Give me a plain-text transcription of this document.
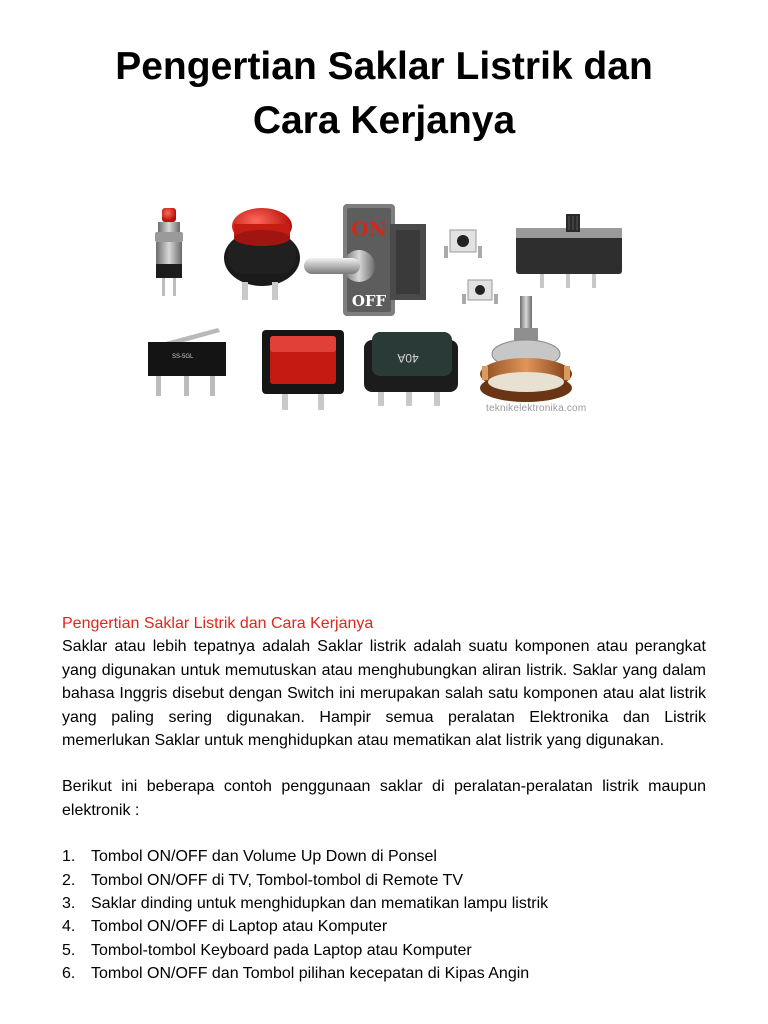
Pengertian Saklar Listrik dan
Cara Kerjanya
ON
OFF
SS-5GL	40A
teknikelektronika.com

Pengertian Saklar Listrik dan Cara Kerjanya

Saklar atau lebih tepatnya adalah Saklar listrik adalah suatu komponen atau perangkat yang digunakan untuk memutuskan atau menghubungkan aliran listrik. Saklar yang dalam bahasa Inggris disebut dengan Switch ini merupakan salah satu komponen atau alat listrik yang paling sering digunakan. Hampir semua peralatan Elektronika dan Listrik memerlukan Saklar untuk menghidupkan atau mematikan alat listrik yang digunakan.

Berikut ini beberapa contoh penggunaan saklar di peralatan-peralatan listrik maupun elektronik :

1. Tombol ON/OFF dan Volume Up Down di Ponsel
2. Tombol ON/OFF di TV, Tombol-tombol di Remote TV
3. Saklar dinding untuk menghidupkan dan mematikan lampu listrik
4. Tombol ON/OFF di Laptop atau Komputer
5. Tombol-tombol Keyboard pada Laptop atau Komputer
6. Tombol ON/OFF dan Tombol pilihan kecepatan di Kipas Angin
